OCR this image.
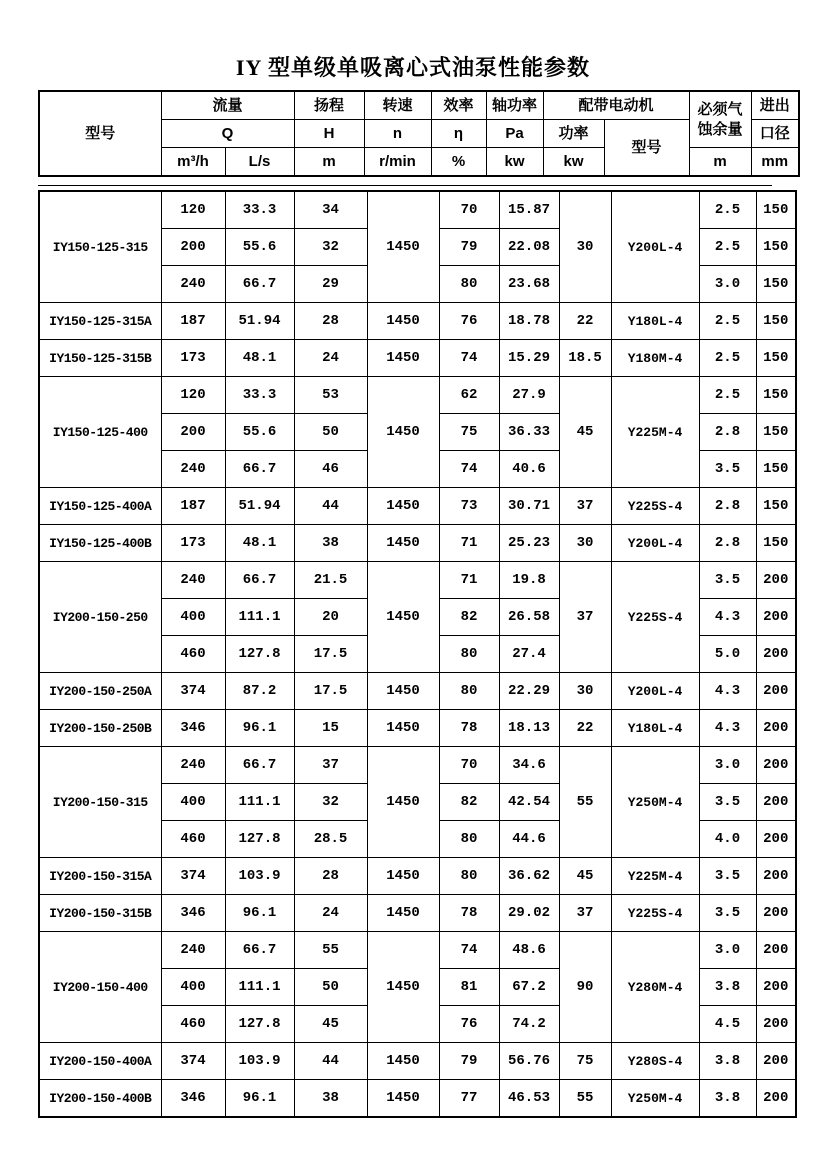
IY 型单级单吸离心式油泵性能参数
型号	流量		扬程	转速	效率	轴功率	配带电动机		必须气
蚀余量	进出
	Q		H	n	η	Pa	功率	型号		口径
	m³/h	L/s	m	r/min	%	kw	kw		m	mm
IY150-125-315	120	33.3	34	1450	70	15.87	30	Y200L-4	2.5	150
	200	55.6	32		79	22.08			2.5	150
	240	66.7	29		80	23.68			3.0	150
IY150-125-315A	187	51.94	28	1450	76	18.78	22	Y180L-4	2.5	150
IY150-125-315B	173	48.1	24	1450	74	15.29	18.5	Y180M-4	2.5	150
IY150-125-400	120	33.3	53	1450	62	27.9	45	Y225M-4	2.5	150
	200	55.6	50		75	36.33			2.8	150
	240	66.7	46		74	40.6			3.5	150
IY150-125-400A	187	51.94	44	1450	73	30.71	37	Y225S-4	2.8	150
IY150-125-400B	173	48.1	38	1450	71	25.23	30	Y200L-4	2.8	150
IY200-150-250	240	66.7	21.5	1450	71	19.8	37	Y225S-4	3.5	200
	400	111.1	20		82	26.58			4.3	200
	460	127.8	17.5		80	27.4			5.0	200
IY200-150-250A	374	87.2	17.5	1450	80	22.29	30	Y200L-4	4.3	200
IY200-150-250B	346	96.1	15	1450	78	18.13	22	Y180L-4	4.3	200
IY200-150-315	240	66.7	37	1450	70	34.6	55	Y250M-4	3.0	200
	400	111.1	32		82	42.54			3.5	200
	460	127.8	28.5		80	44.6			4.0	200
IY200-150-315A	374	103.9	28	1450	80	36.62	45	Y225M-4	3.5	200
IY200-150-315B	346	96.1	24	1450	78	29.02	37	Y225S-4	3.5	200
IY200-150-400	240	66.7	55	1450	74	48.6	90	Y280M-4	3.0	200
	400	111.1	50		81	67.2			3.8	200
	460	127.8	45		76	74.2			4.5	200
IY200-150-400A	374	103.9	44	1450	79	56.76	75	Y280S-4	3.8	200
IY200-150-400B	346	96.1	38	1450	77	46.53	55	Y250M-4	3.8	200
